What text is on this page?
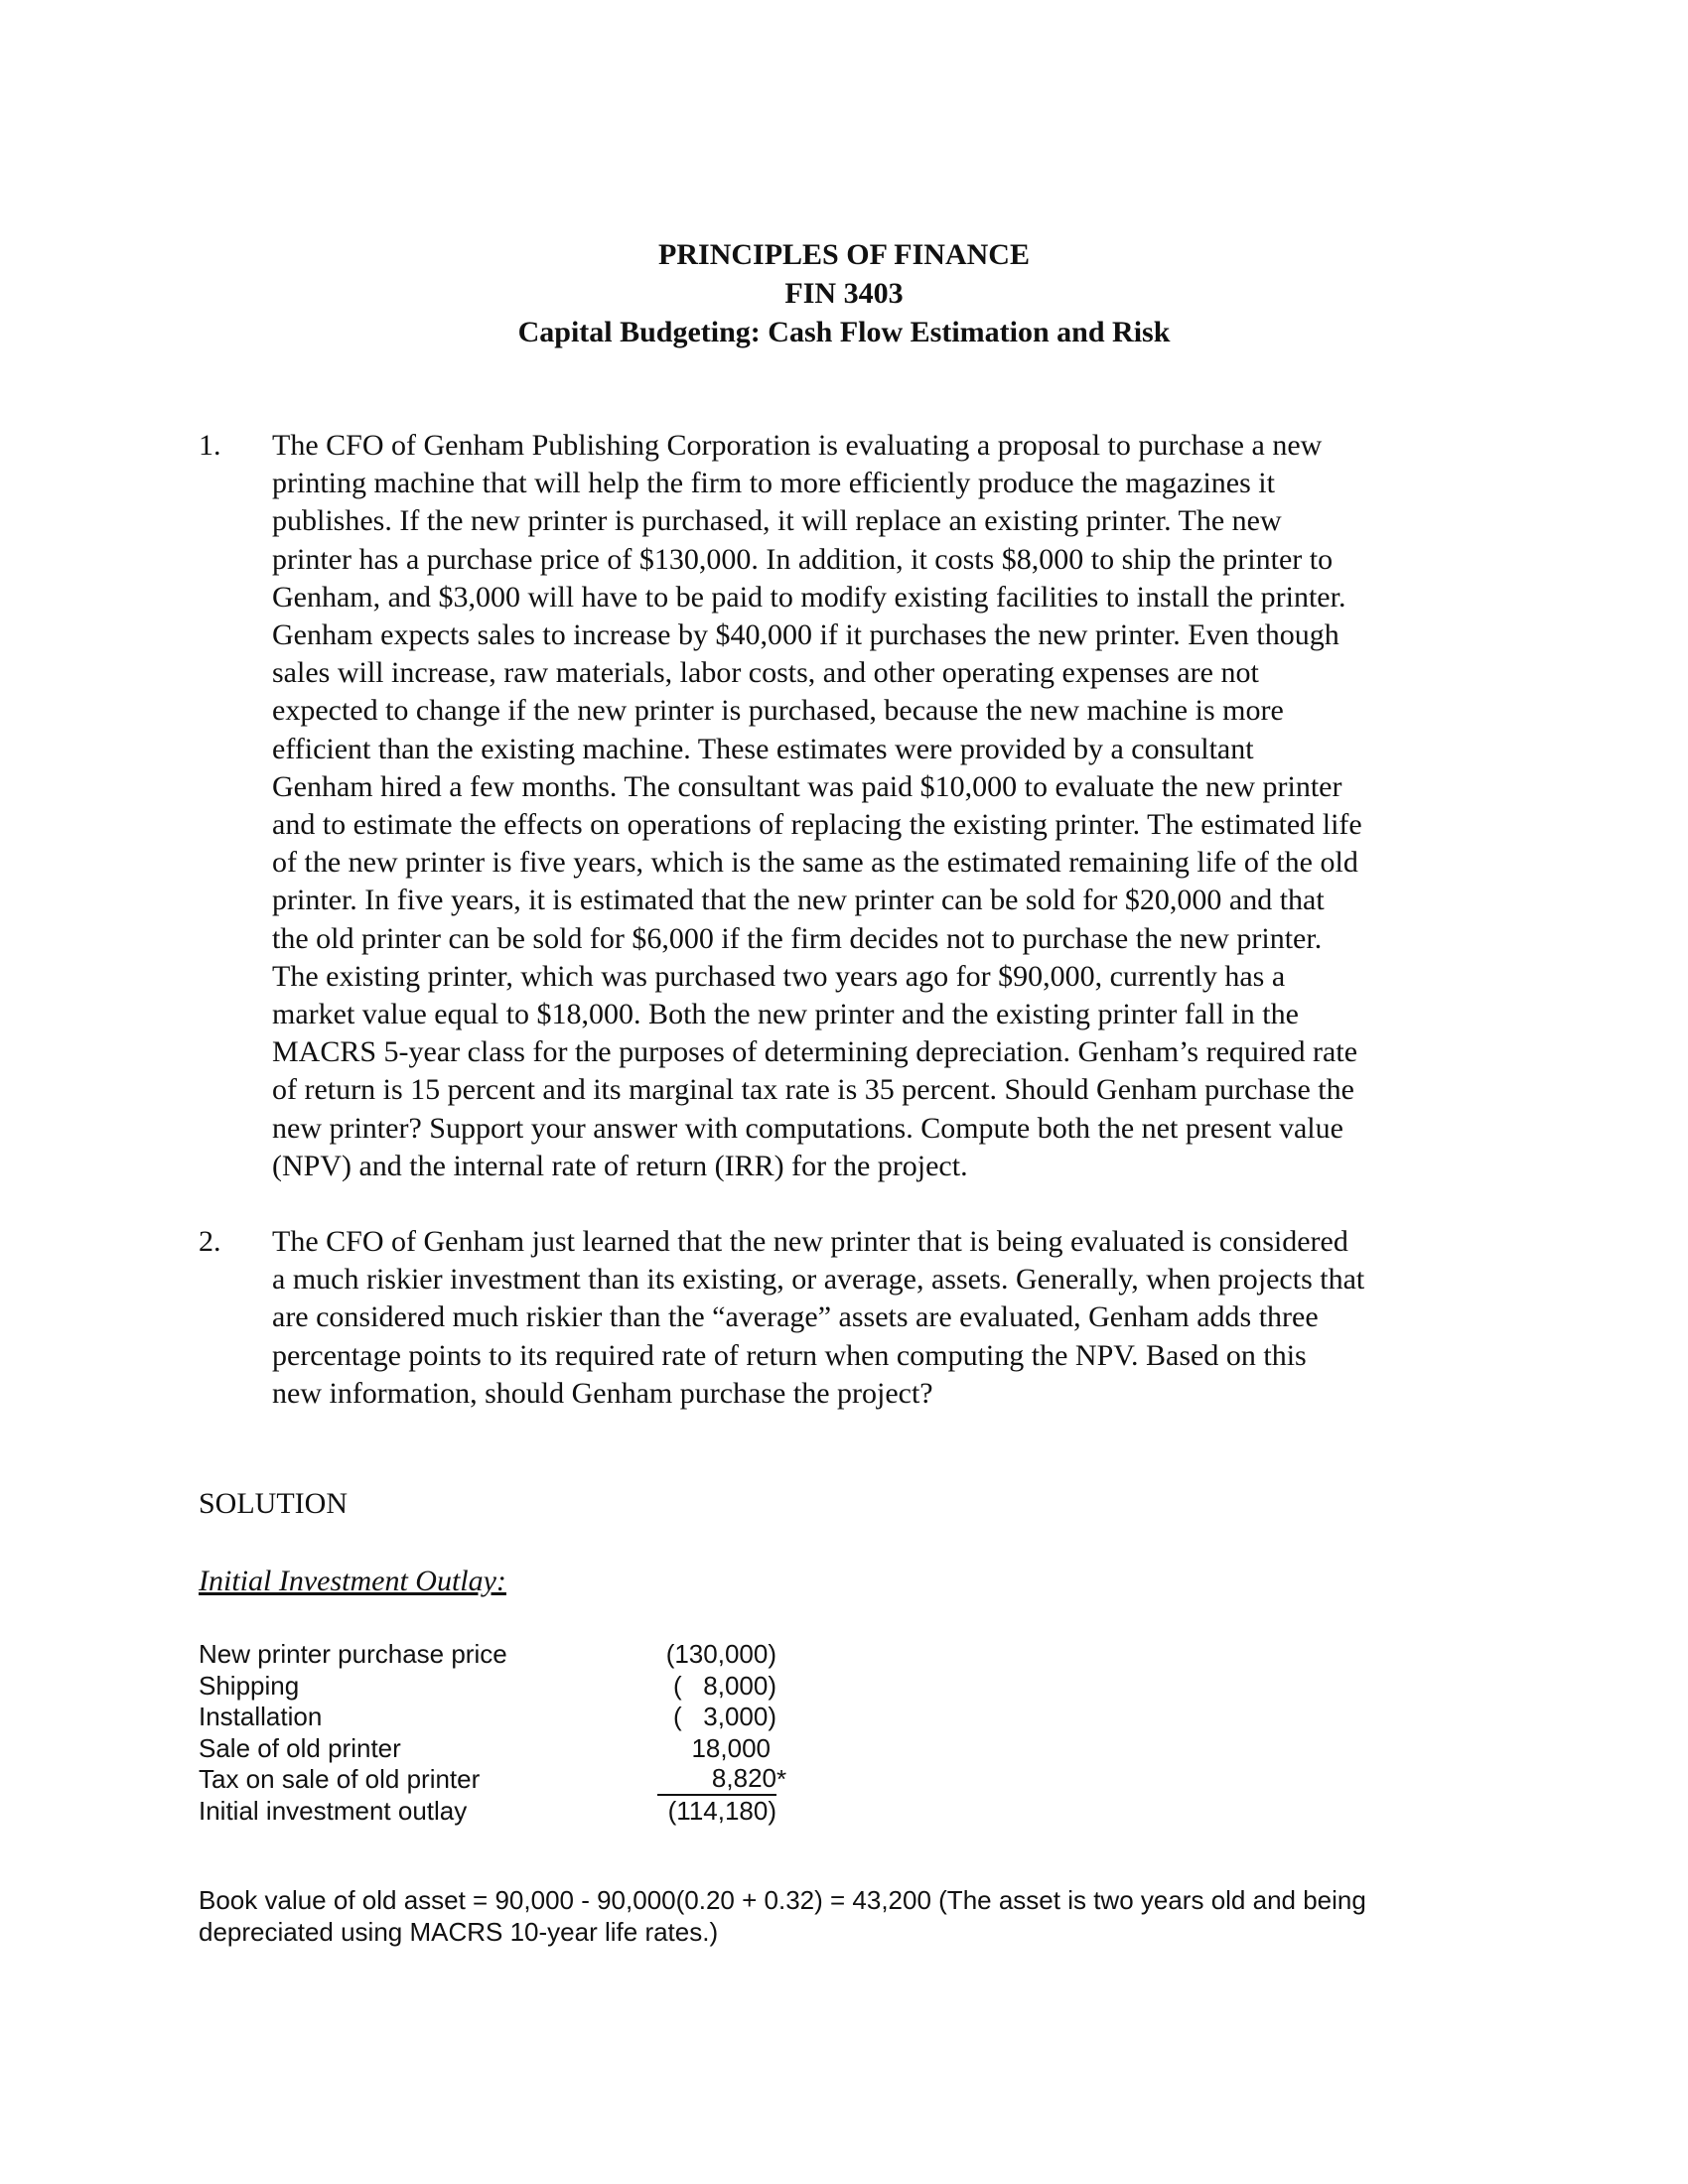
PRINCIPLES OF FINANCE
FIN 3403
Capital Budgeting: Cash Flow Estimation and Risk
1. The CFO of Genham Publishing Corporation is evaluating a proposal to purchase a new
printing machine that will help the firm to more efficiently produce the magazines it
publishes. If the new printer is purchased, it will replace an existing printer. The new
printer has a purchase price of $130,000. In addition, it costs $8,000 to ship the printer to
Genham, and $3,000 will have to be paid to modify existing facilities to install the printer.
Genham expects sales to increase by $40,000 if it purchases the new printer. Even though
sales will increase, raw materials, labor costs, and other operating expenses are not
expected to change if the new printer is purchased, because the new machine is more
efficient than the existing machine. These estimates were provided by a consultant
Genham hired a few months. The consultant was paid $10,000 to evaluate the new printer
and to estimate the effects on operations of replacing the existing printer. The estimated life
of the new printer is five years, which is the same as the estimated remaining life of the old
printer. In five years, it is estimated that the new printer can be sold for $20,000 and that
the old printer can be sold for $6,000 if the firm decides not to purchase the new printer.
The existing printer, which was purchased two years ago for $90,000, currently has a
market value equal to $18,000. Both the new printer and the existing printer fall in the
MACRS 5-year class for the purposes of determining depreciation. Genham’s required rate
of return is 15 percent and its marginal tax rate is 35 percent. Should Genham purchase the
new printer? Support your answer with computations. Compute both the net present value
(NPV) and the internal rate of return (IRR) for the project.
2. The CFO of Genham just learned that the new printer that is being evaluated is considered
a much riskier investment than its existing, or average, assets. Generally, when projects that
are considered much riskier than the “average” assets are evaluated, Genham adds three
percentage points to its required rate of return when computing the NPV. Based on this
new information, should Genham purchase the project?
SOLUTION
Initial Investment Outlay:
New printer purchase price	(130,000)
Shipping	(   8,000)
Installation	(   3,000)
Sale of old printer	18,000
Tax on sale of old printer	8,820 *
Initial investment outlay	(114,180)
Book value of old asset = 90,000 - 90,000(0.20 + 0.32) = 43,200 (The asset is two years old and being
depreciated using MACRS 10-year life rates.)
